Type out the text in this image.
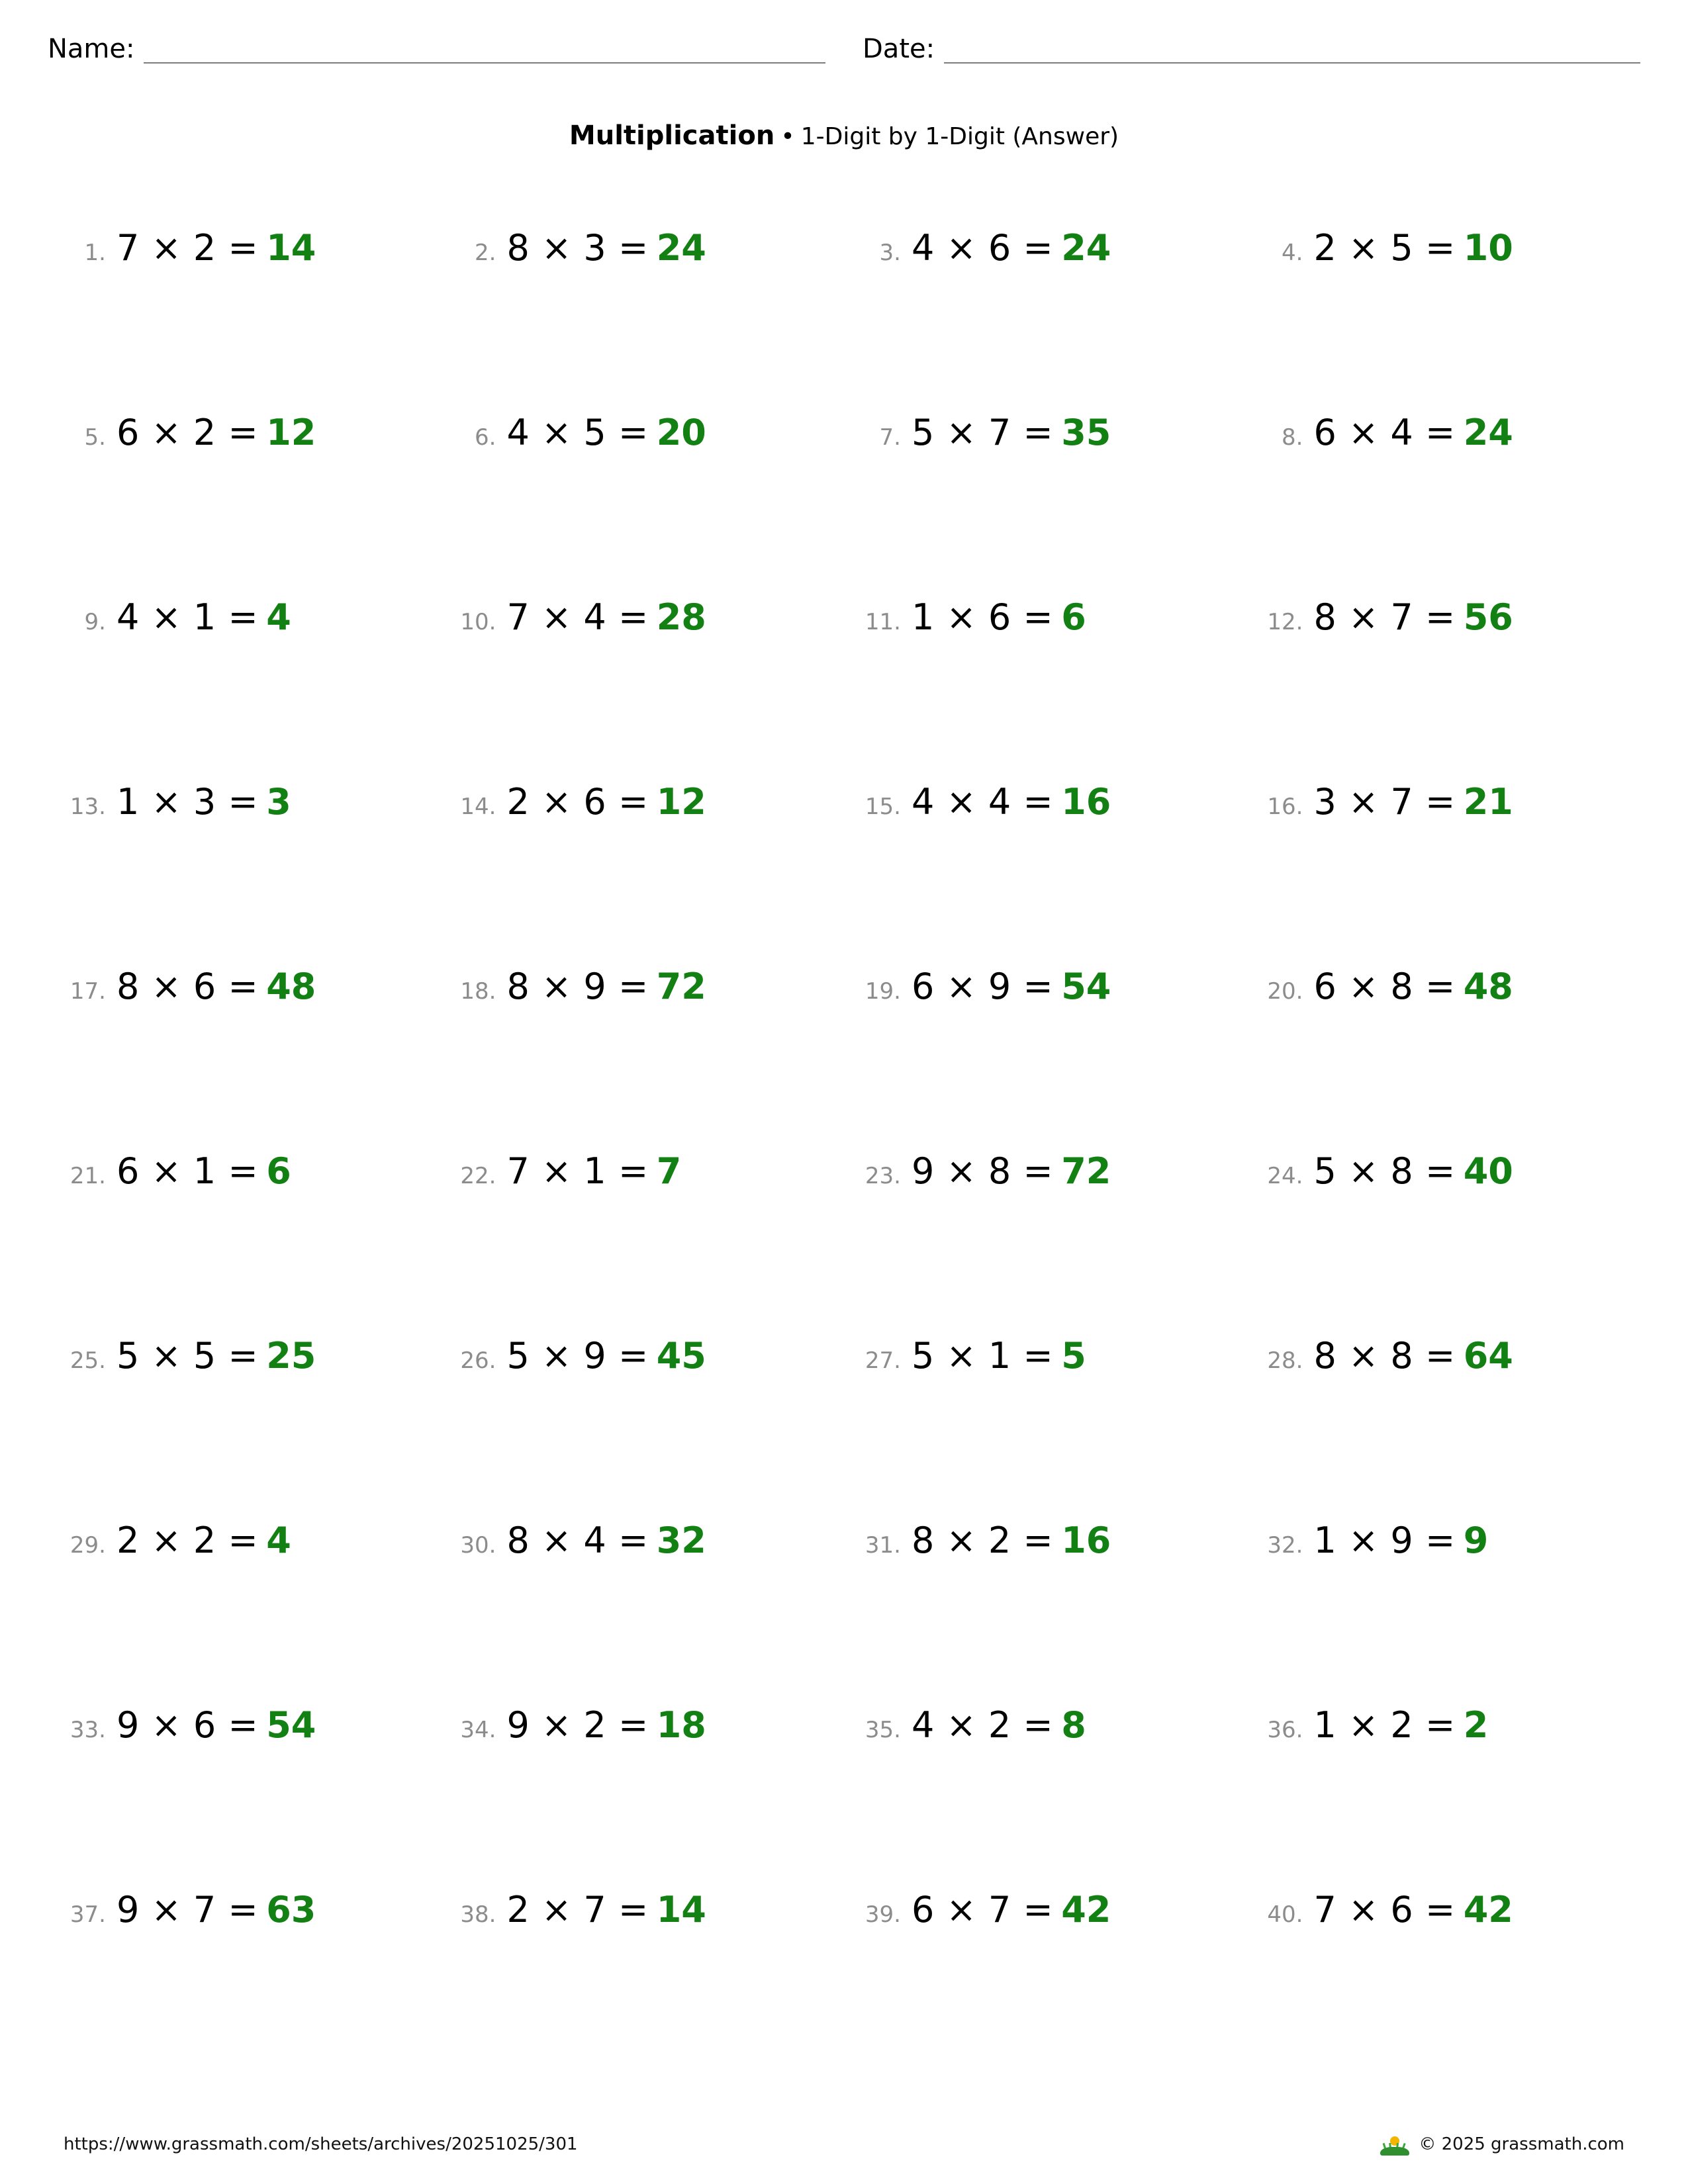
Name:	Date:
Multiplication • 1-Digit by 1-Digit (Answer)
1. 7 × 2 = 14	2. 8 × 3 = 24	3. 4 × 6 = 24	4. 2 × 5 = 10
5. 6 × 2 = 12	6. 4 × 5 = 20	7. 5 × 7 = 35	8. 6 × 4 = 24
9. 4 × 1 = 4	10. 7 × 4 = 28	11. 1 × 6 = 6	12. 8 × 7 = 56
13. 1 × 3 = 3	14. 2 × 6 = 12	15. 4 × 4 = 16	16. 3 × 7 = 21
17. 8 × 6 = 48	18. 8 × 9 = 72	19. 6 × 9 = 54	20. 6 × 8 = 48
21. 6 × 1 = 6	22. 7 × 1 = 7	23. 9 × 8 = 72	24. 5 × 8 = 40
25. 5 × 5 = 25	26. 5 × 9 = 45	27. 5 × 1 = 5	28. 8 × 8 = 64
29. 2 × 2 = 4	30. 8 × 4 = 32	31. 8 × 2 = 16	32. 1 × 9 = 9
33. 9 × 6 = 54	34. 9 × 2 = 18	35. 4 × 2 = 8	36. 1 × 2 = 2
37. 9 × 7 = 63	38. 2 × 7 = 14	39. 6 × 7 = 42	40. 7 × 6 = 42
https://www.grassmath.com/sheets/archives/20251025/301	© 2025 grassmath.com
